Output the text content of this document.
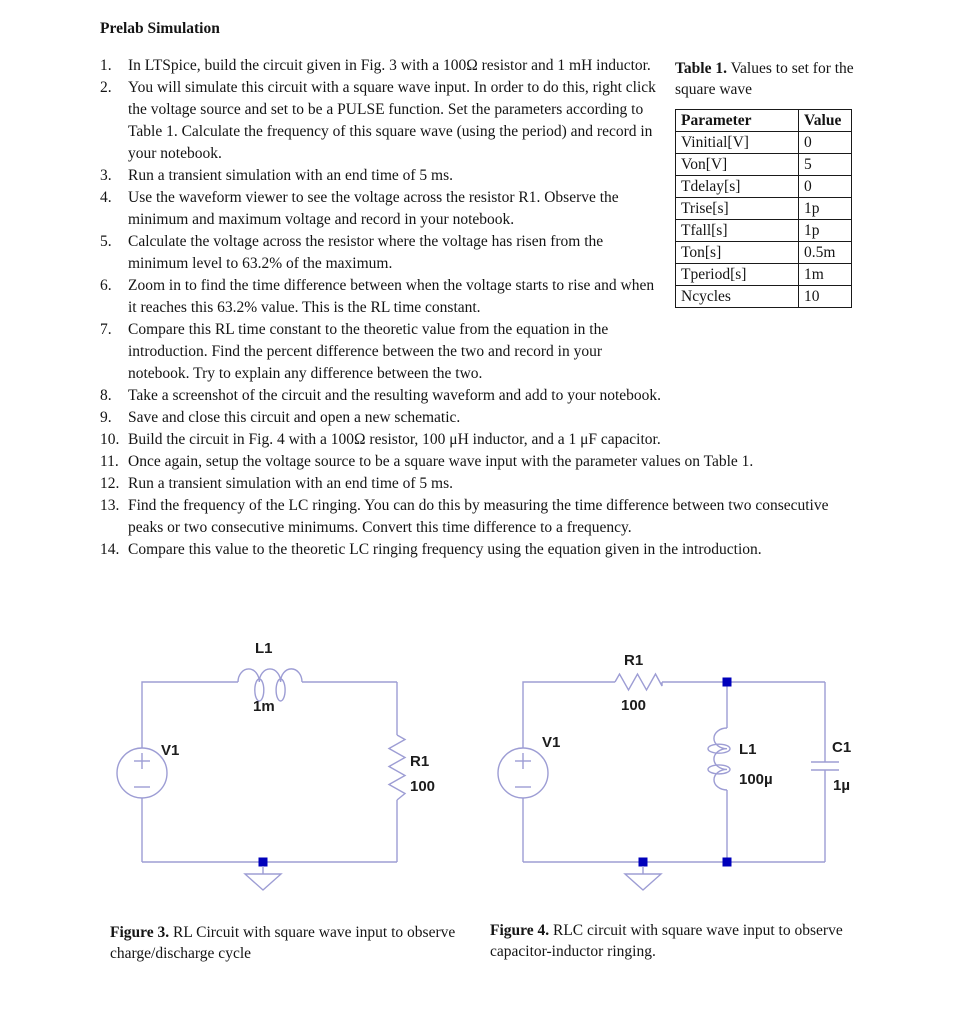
Prelab Simulation

Table 1. Values to set for the square wave

Parameter	Value
Vinitial[V]	0
Von[V]	5
Tdelay[s]	0
Trise[s]	1p
Tfall[s]	1p
Ton[s]	0.5m
Tperiod[s]	1m
Ncycles	10
1. In LTSpice, build the circuit given in Fig. 3 with a 100Ω resistor and 1 mH inductor.
2. You will simulate this circuit with a square wave input. In order to do this, right click the voltage source and set to be a PULSE function. Set the parameters according to Table 1. Calculate the frequency of this square wave (using the period) and record in your notebook.
3. Run a transient simulation with an end time of 5 ms.
4. Use the waveform viewer to see the voltage across the resistor R1. Observe the minimum and maximum voltage and record in your notebook.
5. Calculate the voltage across the resistor where the voltage has risen from the minimum level to 63.2% of the maximum.
6. Zoom in to find the time difference between when the voltage starts to rise and when it reaches this 63.2% value. This is the RL time constant.
7. Compare this RL time constant to the theoretic value from the equation in the introduction. Find the percent difference between the two and record in your notebook. Try to explain any difference between the two.
8. Take a screenshot of the circuit and the resulting waveform and add to your notebook.
9. Save and close this circuit and open a new schematic.
10. Build the circuit in Fig. 4 with a 100Ω resistor, 100 μH inductor, and a 1 μF capacitor.
11. Once again, setup the voltage source to be a square wave input with the parameter values on Table 1.
12. Run a transient simulation with an end time of 5 ms.
13. Find the frequency of the LC ringing. You can do this by measuring the time difference between two consecutive peaks or two consecutive minimums. Convert this time difference to a frequency.
14. Compare this value to the theoretic LC ringing frequency using the equation given in the introduction.
V1
L1
1m
R1
100
V1
R1
100
L1
100µ
C1
1µ

Figure 3. RL Circuit with square wave input to observe charge/discharge cycle

Figure 4. RLC circuit with square wave input to observe capacitor-inductor ringing.
